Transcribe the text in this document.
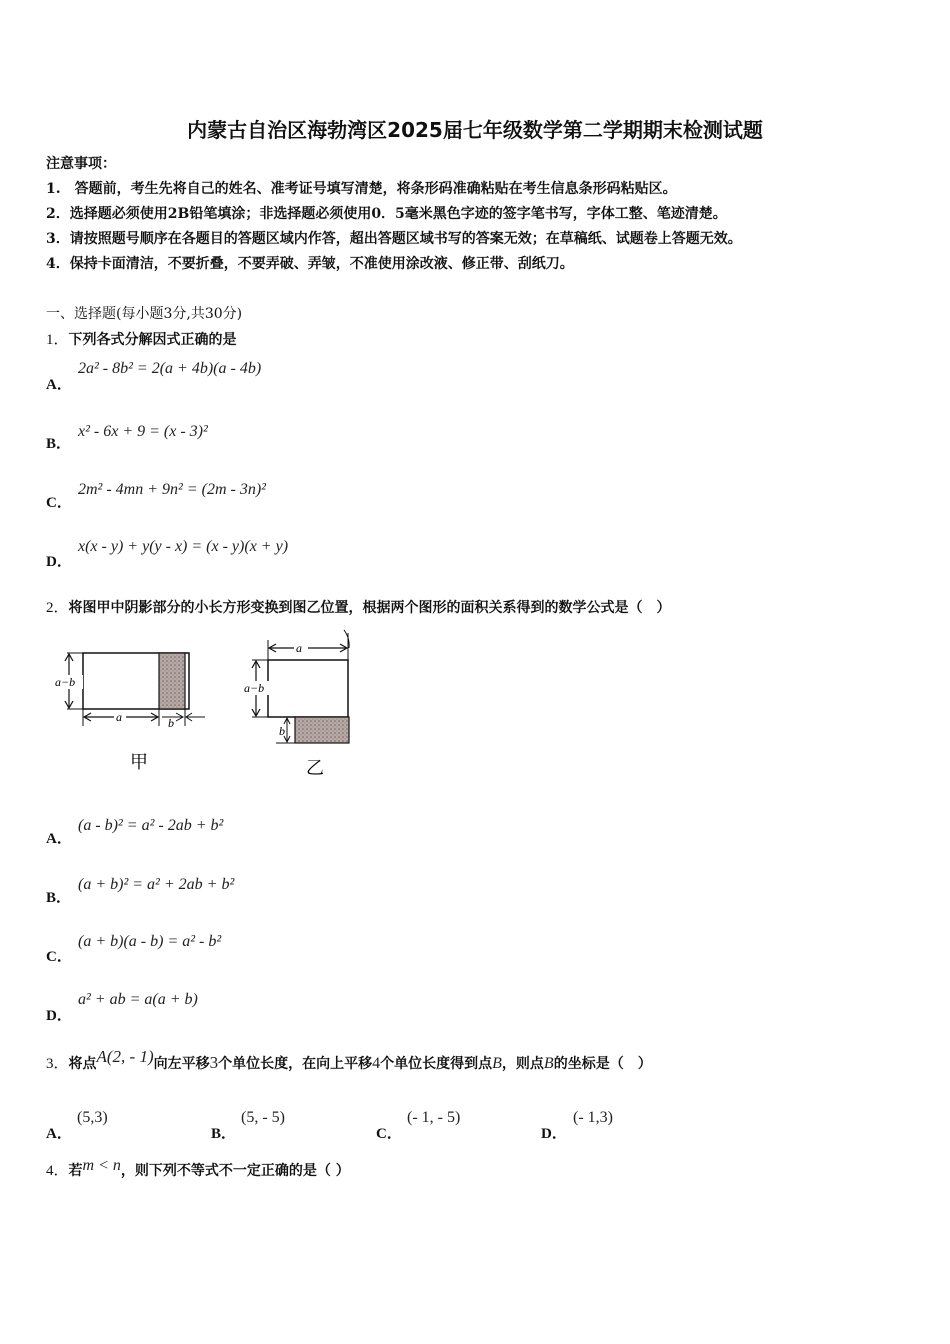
内蒙古自治区海勃湾区2025届七年级数学第二学期期末检测试题
注意事项：
1.　答题前，考生先将自己的姓名、准考证号填写清楚，将条形码准确粘贴在考生信息条形码粘贴区。
2．选择题必须使用2B铅笔填涂；非选择题必须使用0．5毫米黑色字迹的签字笔书写，字体工整、笔迹清楚。
3．请按照题号顺序在各题目的答题区域内作答，超出答题区域书写的答案无效；在草稿纸、试题卷上答题无效。
4．保持卡面清洁，不要折叠，不要弄破、弄皱，不准使用涂改液、修正带、刮纸刀。
一、选择题(每小题3分,共30分)
1．下列各式分解因式正确的是
A．
2a² - 8b² = 2(a + 4b)(a - 4b)
B．
x² - 6x + 9 = (x - 3)²
C．
2m² - 4mn + 9n² = (2m - 3n)²
D．
x(x - y) + y(y - x) = (x - y)(x + y)
2．将图甲中阴影部分的小长方形变换到图乙位置，根据两个图形的面积关系得到的数学公式是（　）
a−b
a	b
甲
a
a−b
b
乙
A．
(a - b)² = a² - 2ab + b²
B．
(a + b)² = a² + 2ab + b²
C．
(a + b)(a - b) = a² - b²
D．
a² + ab = a(a + b)
3．将点A(2, - 1)向左平移3个单位长度，在向上平移4个单位长度得到点B，则点B的坐标是（　）
A．
(5,3)
B．
(5, - 5)
C．
(- 1, - 5)
D．
(- 1,3)
4．若m < n，则下列不等式不一定正确的是（ ）
